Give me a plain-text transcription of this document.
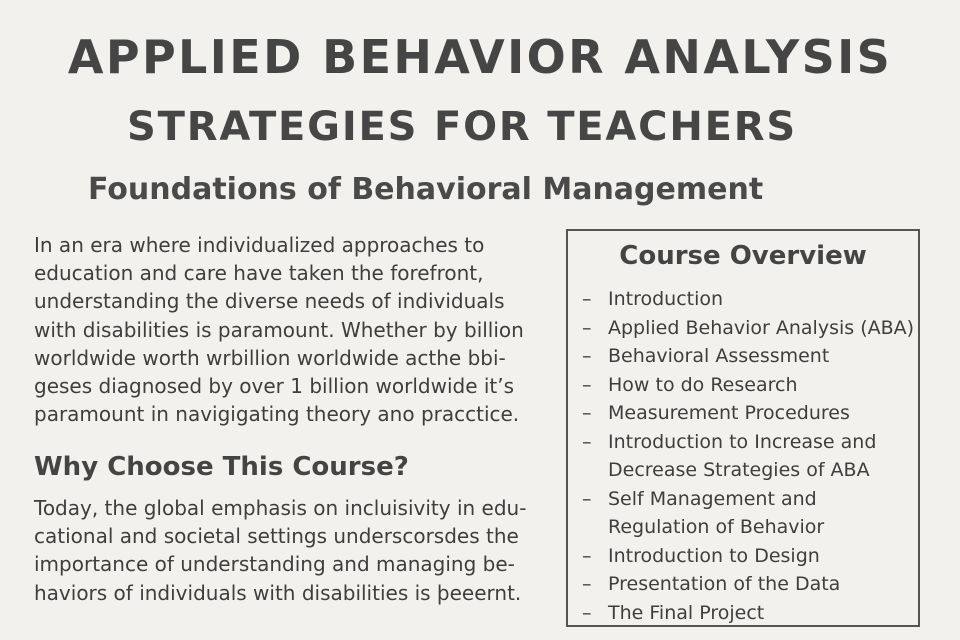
APPLIED BEHAVIOR ANALYSIS
STRATEGIES FOR TEACHERS
Foundations of Behavioral Management

In an era where individualized approaches to
education and care have taken the forefront,
understanding the diverse needs of individuals
with disabilities is paramount. Whether by billion
worldwide worth wrbillion worldwide acthe bbi-
geses diagnosed by over 1 billion worldwide it’s
paramount in navigigating theory ano pracctice.

Why Choose This Course?

Today, the global emphasis on incluisivity in edu-
cational and societal settings underscorsdes the
importance of understanding and managing be-
haviors of individuals with disabilities is þeeernt.

Course Overview
– Introduction
– Applied Behavior Analysis (ABA)
– Behavioral Assessment
– How to do Research
– Measurement Procedures
– Introduction to Increase and Decrease Strategies of ABA
– Self Management and Regulation of Behavior
– Introduction to Design
– Presentation of the Data
– The Final Project
